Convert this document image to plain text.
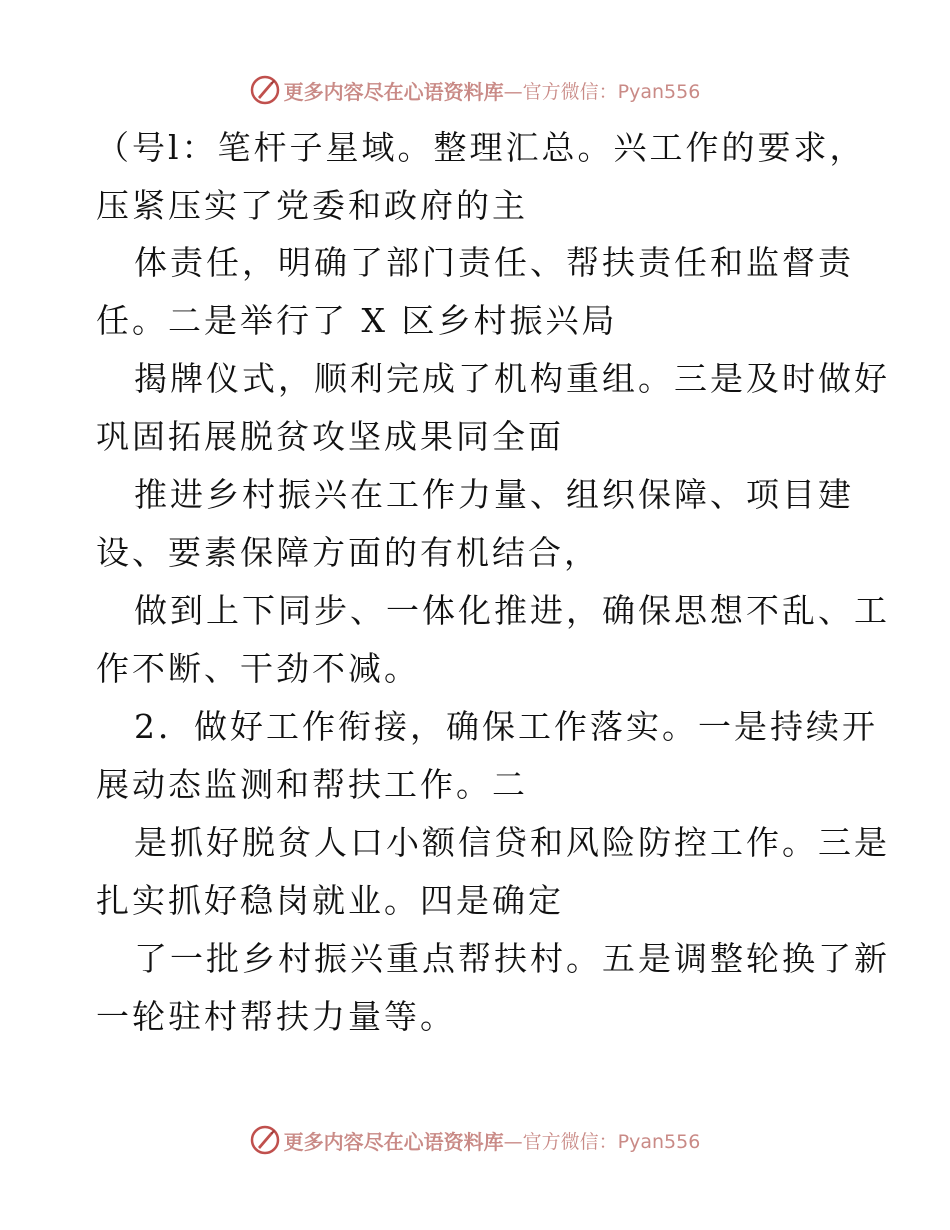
更多内容尽在心语资料库 —官方微信：Pyan556
（号l：笔杆子星域。整理汇总。兴工作的要求，
压紧压实了党委和政府的主
体责任，明确了部门责任、帮扶责任和监督责
任。二是举行了 X 区乡村振兴局
揭牌仪式，顺利完成了机构重组。三是及时做好
巩固拓展脱贫攻坚成果同全面
推进乡村振兴在工作力量、组织保障、项目建
设、要素保障方面的有机结合，
做到上下同步、一体化推进，确保思想不乱、工
作不断、干劲不减。
2．做好工作衔接，确保工作落实。一是持续开
展动态监测和帮扶工作。二
是抓好脱贫人口小额信贷和风险防控工作。三是
扎实抓好稳岗就业。四是确定
了一批乡村振兴重点帮扶村。五是调整轮换了新
一轮驻村帮扶力量等。
更多内容尽在心语资料库 —官方微信：Pyan556
